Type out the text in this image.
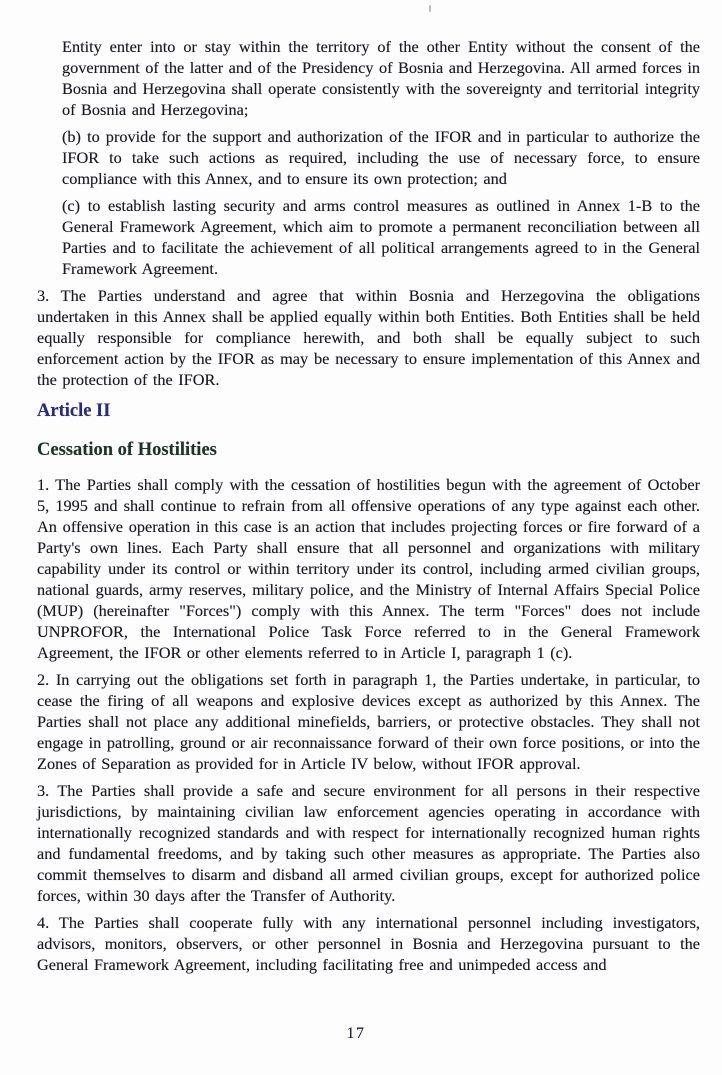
Entity enter into or stay within the territory of the other Entity without the consent of the government of the latter and of the Presidency of Bosnia and Herzegovina. All armed forces in Bosnia and Herzegovina shall operate consistently with the sovereignty and territorial integrity of Bosnia and Herzegovina;

(b) to provide for the support and authorization of the IFOR and in particular to authorize the IFOR to take such actions as required, including the use of necessary force, to ensure compliance with this Annex, and to ensure its own protection; and

(c) to establish lasting security and arms control measures as outlined in Annex 1-B to the General Framework Agreement, which aim to promote a permanent reconciliation between all Parties and to facilitate the achievement of all political arrangements agreed to in the General Framework Agreement.

3. The Parties understand and agree that within Bosnia and Herzegovina the obligations undertaken in this Annex shall be applied equally within both Entities. Both Entities shall be held equally responsible for compliance herewith, and both shall be equally subject to such enforcement action by the IFOR as may be necessary to ensure implementation of this Annex and the protection of the IFOR.

Article II
Cessation of Hostilities

1. The Parties shall comply with the cessation of hostilities begun with the agreement of October 5, 1995 and shall continue to refrain from all offensive operations of any type against each other. An offensive operation in this case is an action that includes projecting forces or fire forward of a Party's own lines. Each Party shall ensure that all personnel and organizations with military capability under its control or within territory under its control, including armed civilian groups, national guards, army reserves, military police, and the Ministry of Internal Affairs Special Police (MUP) (hereinafter "Forces") comply with this Annex. The term "Forces" does not include UNPROFOR, the International Police Task Force referred to in the General Framework Agreement, the IFOR or other elements referred to in Article I, paragraph 1 (c).

2. In carrying out the obligations set forth in paragraph 1, the Parties undertake, in particular, to cease the firing of all weapons and explosive devices except as authorized by this Annex. The Parties shall not place any additional minefields, barriers, or protective obstacles. They shall not engage in patrolling, ground or air reconnaissance forward of their own force positions, or into the Zones of Separation as provided for in Article IV below, without IFOR approval.

3. The Parties shall provide a safe and secure environment for all persons in their respective jurisdictions, by maintaining civilian law enforcement agencies operating in accordance with internationally recognized standards and with respect for internationally recognized human rights and fundamental freedoms, and by taking such other measures as appropriate. The Parties also commit themselves to disarm and disband all armed civilian groups, except for authorized police forces, within 30 days after the Transfer of Authority.

4. The Parties shall cooperate fully with any international personnel including investigators, advisors, monitors, observers, or other personnel in Bosnia and Herzegovina pursuant to the General Framework Agreement, including facilitating free and unimpeded access and

17
